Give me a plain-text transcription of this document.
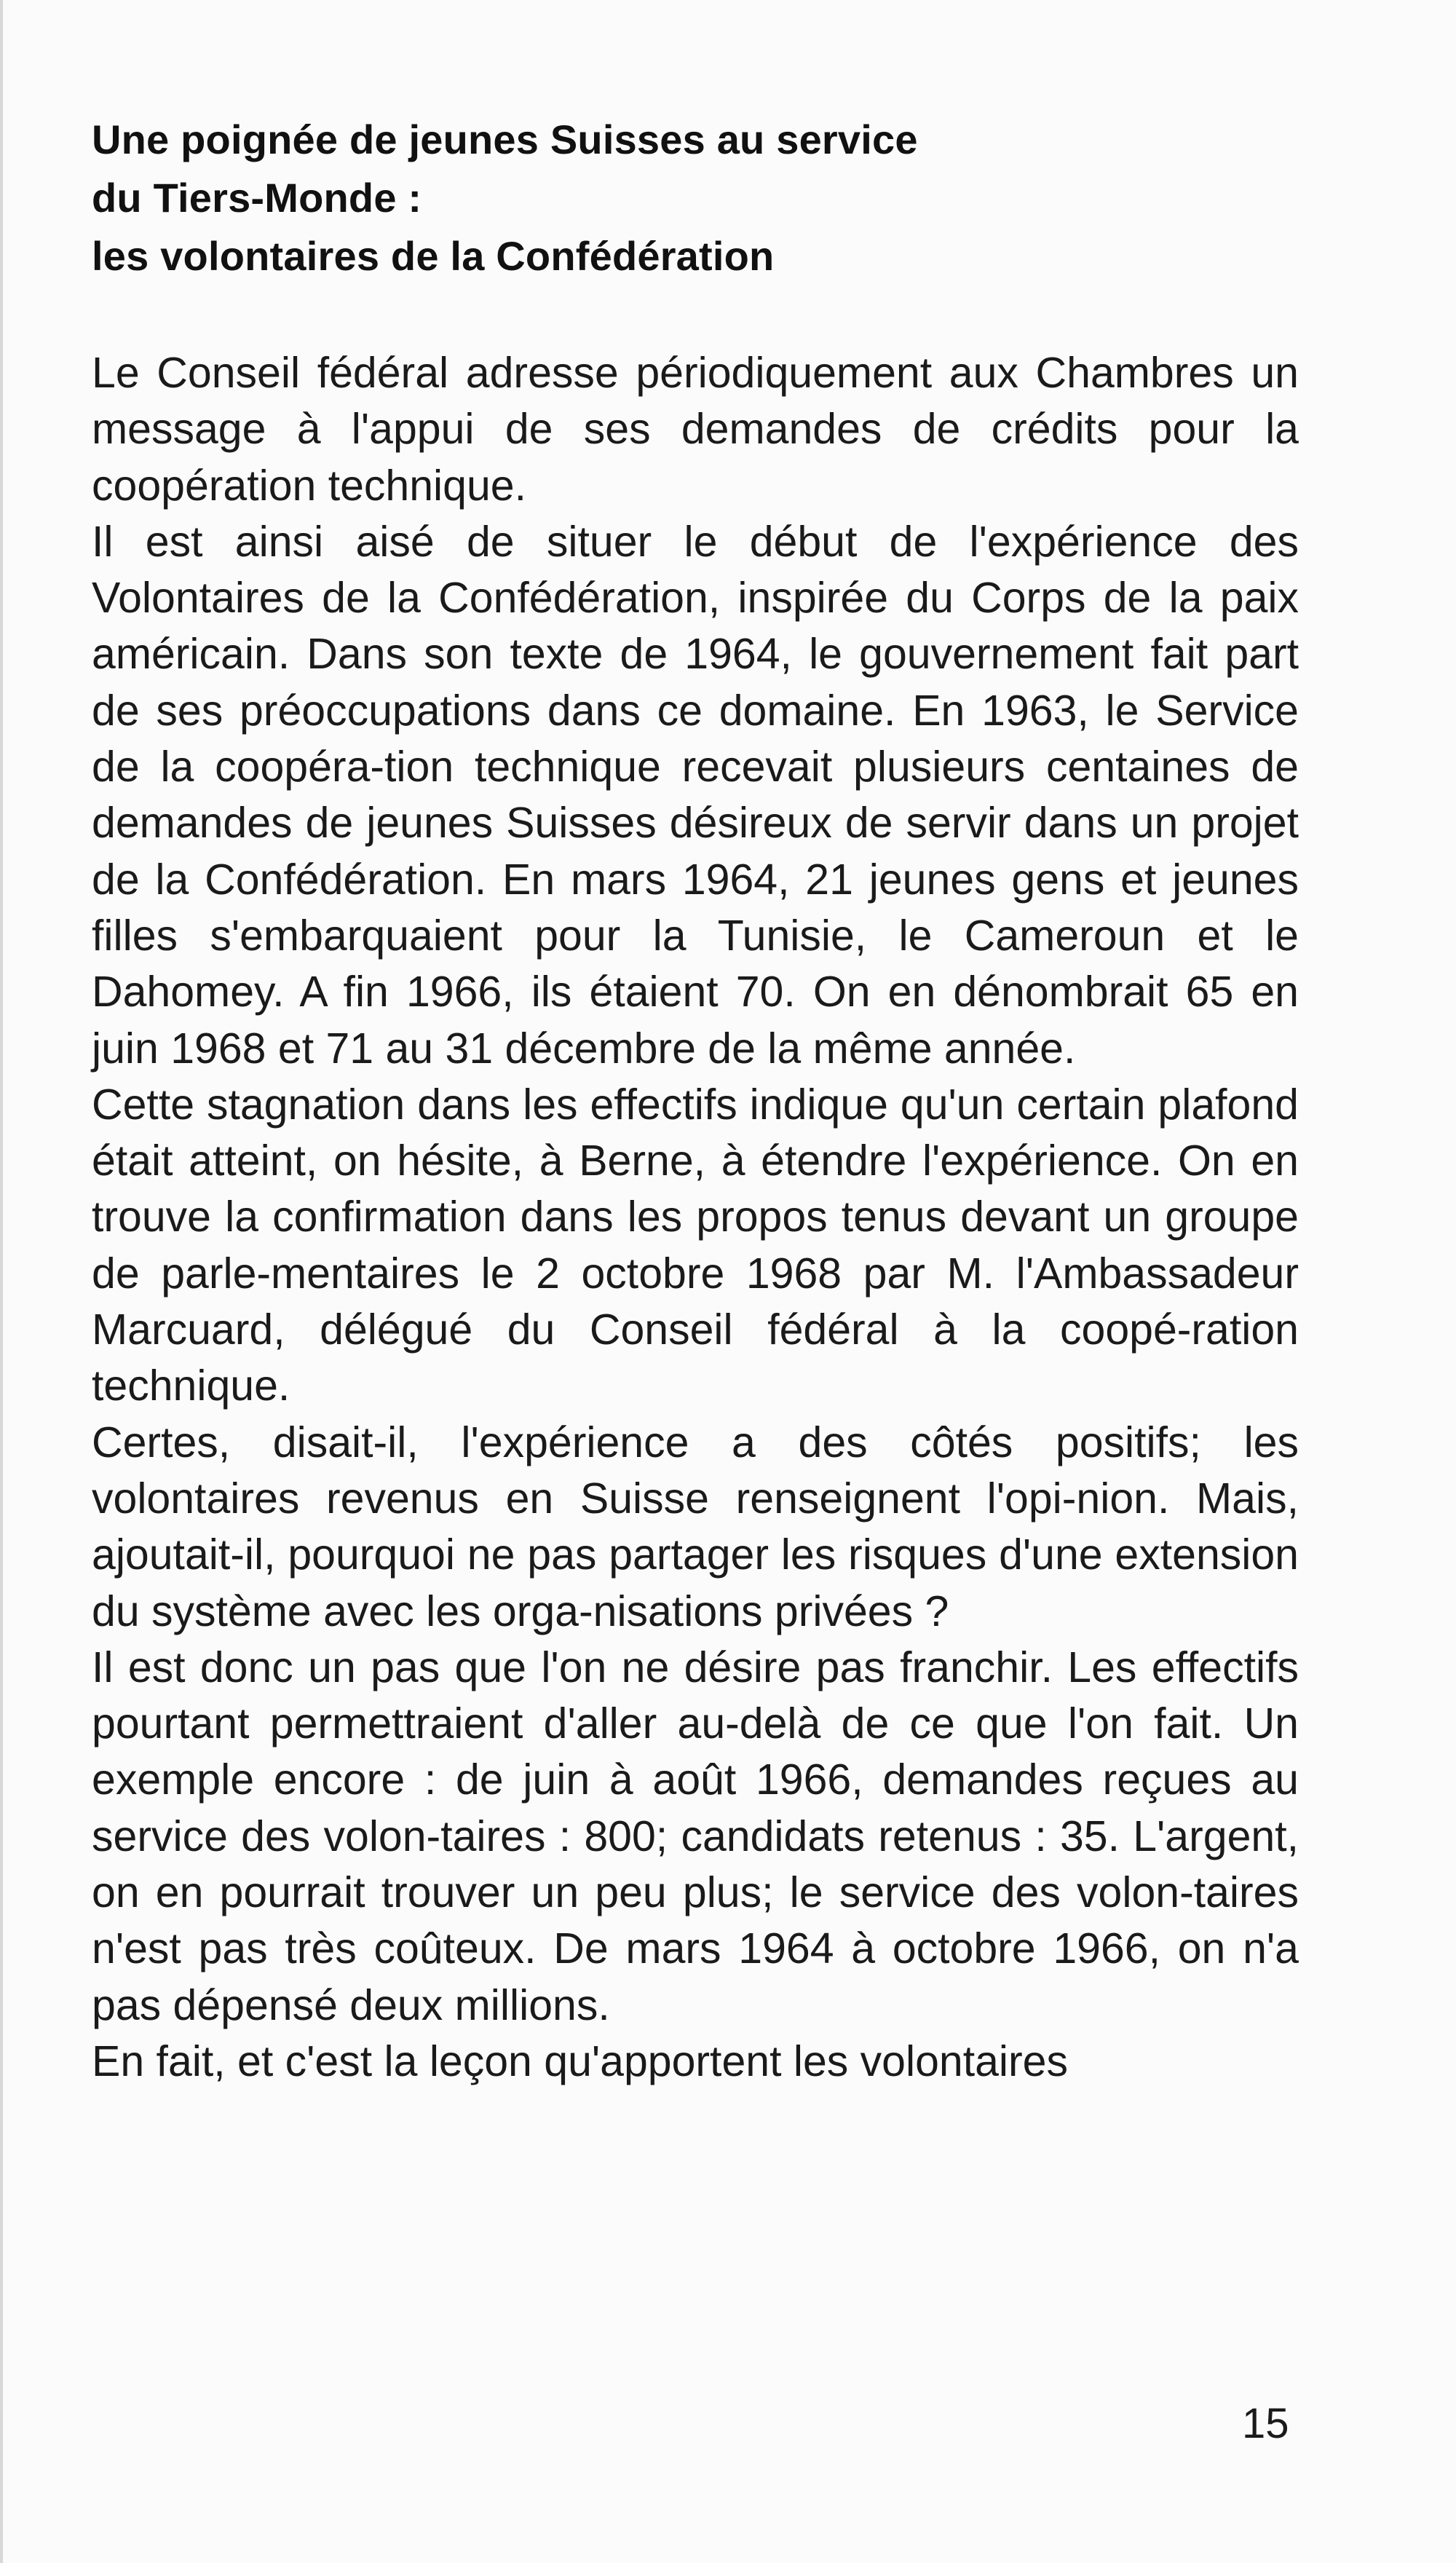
Une poignée de jeunes Suisses au service
du Tiers-Monde :
les volontaires de la Confédération

Le Conseil fédéral adresse périodiquement aux Chambres un message à l'appui de ses demandes de crédits pour la coopération technique.

Il est ainsi aisé de situer le début de l'expérience des Volontaires de la Confédération, inspirée du Corps de la paix américain. Dans son texte de 1964, le gouvernement fait part de ses préoccupations dans ce domaine. En 1963, le Service de la coopéra-tion technique recevait plusieurs centaines de demandes de jeunes Suisses désireux de servir dans un projet de la Confédération. En mars 1964, 21 jeunes gens et jeunes filles s'embarquaient pour la Tunisie, le Cameroun et le Dahomey. A fin 1966, ils étaient 70. On en dénombrait 65 en juin 1968 et 71 au 31 décembre de la même année.

Cette stagnation dans les effectifs indique qu'un certain plafond était atteint, on hésite, à Berne, à étendre l'expérience. On en trouve la confirmation dans les propos tenus devant un groupe de parle-mentaires le 2 octobre 1968 par M. l'Ambassadeur Marcuard, délégué du Conseil fédéral à la coopé-ration technique.

Certes, disait-il, l'expérience a des côtés positifs; les volontaires revenus en Suisse renseignent l'opi-nion. Mais, ajoutait-il, pourquoi ne pas partager les risques d'une extension du système avec les orga-nisations privées ?

Il est donc un pas que l'on ne désire pas franchir. Les effectifs pourtant permettraient d'aller au-delà de ce que l'on fait. Un exemple encore : de juin à août 1966, demandes reçues au service des volon-taires : 800; candidats retenus : 35. L'argent, on en pourrait trouver un peu plus; le service des volon-taires n'est pas très coûteux. De mars 1964 à octobre 1966, on n'a pas dépensé deux millions.

En fait, et c'est la leçon qu'apportent les volontaires

15
